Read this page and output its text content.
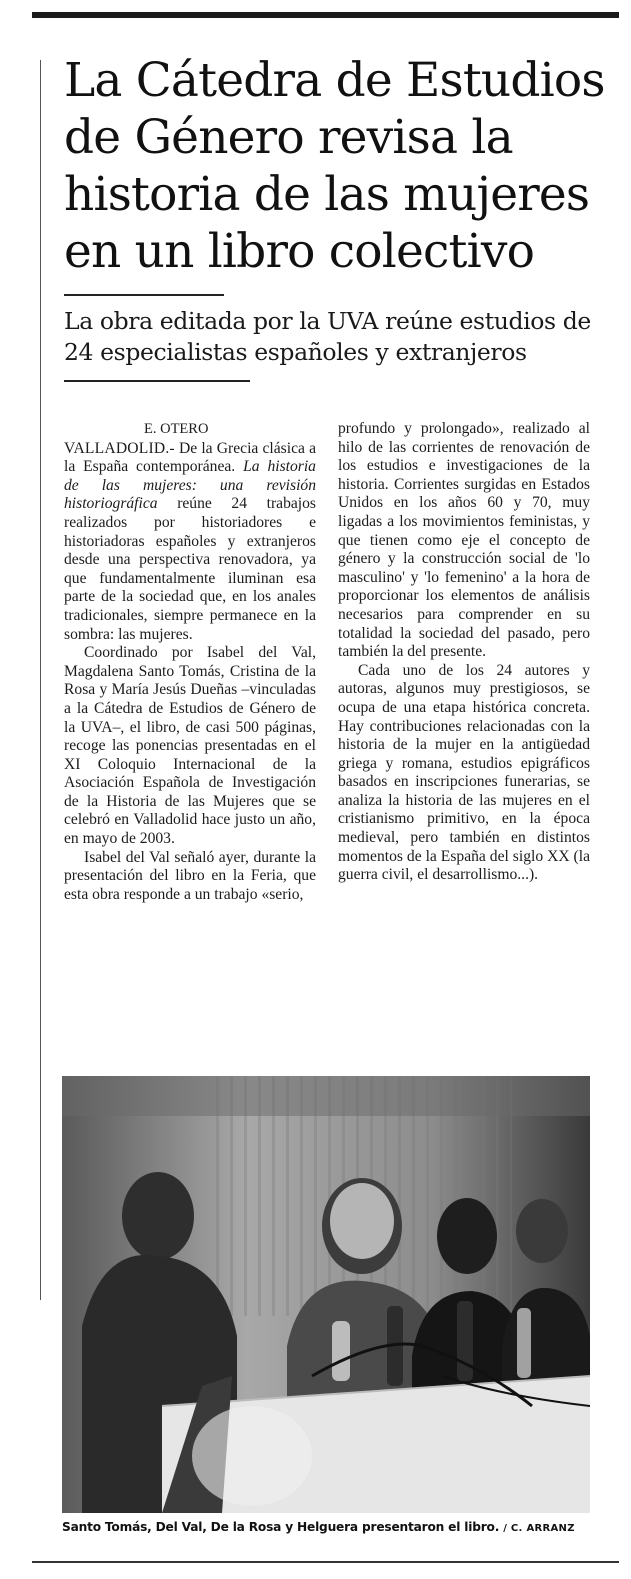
La Cátedra de Estudios de Género revisa la historia de las mujeres en un libro colectivo
La obra editada por la UVA reúne estudios de 24 especialistas españoles y extranjeros
E. OTERO

VALLADOLID.- De la Grecia clásica a la España contemporánea. La historia de las mujeres: una revisión historiográfica reúne 24 trabajos realizados por historiadores e historiadoras españoles y extranjeros desde una perspectiva renovadora, ya que fundamentalmente iluminan esa parte de la sociedad que, en los anales tradicionales, siempre permanece en la sombra: las mujeres.

Coordinado por Isabel del Val, Magdalena Santo Tomás, Cristina de la Rosa y María Jesús Dueñas –vinculadas a la Cátedra de Estudios de Género de la UVA–, el libro, de casi 500 páginas, recoge las ponencias presentadas en el XI Coloquio Internacional de la Asociación Española de Investigación de la Historia de las Mujeres que se celebró en Valladolid hace justo un año, en mayo de 2003.

Isabel del Val señaló ayer, durante la presentación del libro en la Feria, que esta obra responde a un trabajo «serio,

profundo y prolongado», realizado al hilo de las corrientes de renovación de los estudios e investigaciones de la historia. Corrientes surgidas en Estados Unidos en los años 60 y 70, muy ligadas a los movimientos feministas, y que tienen como eje el concepto de género y la construcción social de 'lo masculino' y 'lo femenino' a la hora de proporcionar los elementos de análisis necesarios para comprender en su totalidad la sociedad del pasado, pero también la del presente.

Cada uno de los 24 autores y autoras, algunos muy prestigiosos, se ocupa de una etapa histórica concreta. Hay contribuciones relacionadas con la historia de la mujer en la antigüedad griega y romana, estudios epigráficos basados en inscripciones funerarias, se analiza la historia de las mujeres en el cristianismo primitivo, en la época medieval, pero también en distintos momentos de la España del siglo XX (la guerra civil, el desarrollismo...).

Santo Tomás, Del Val, De la Rosa y Helguera presentaron el libro. / C. ARRANZ
